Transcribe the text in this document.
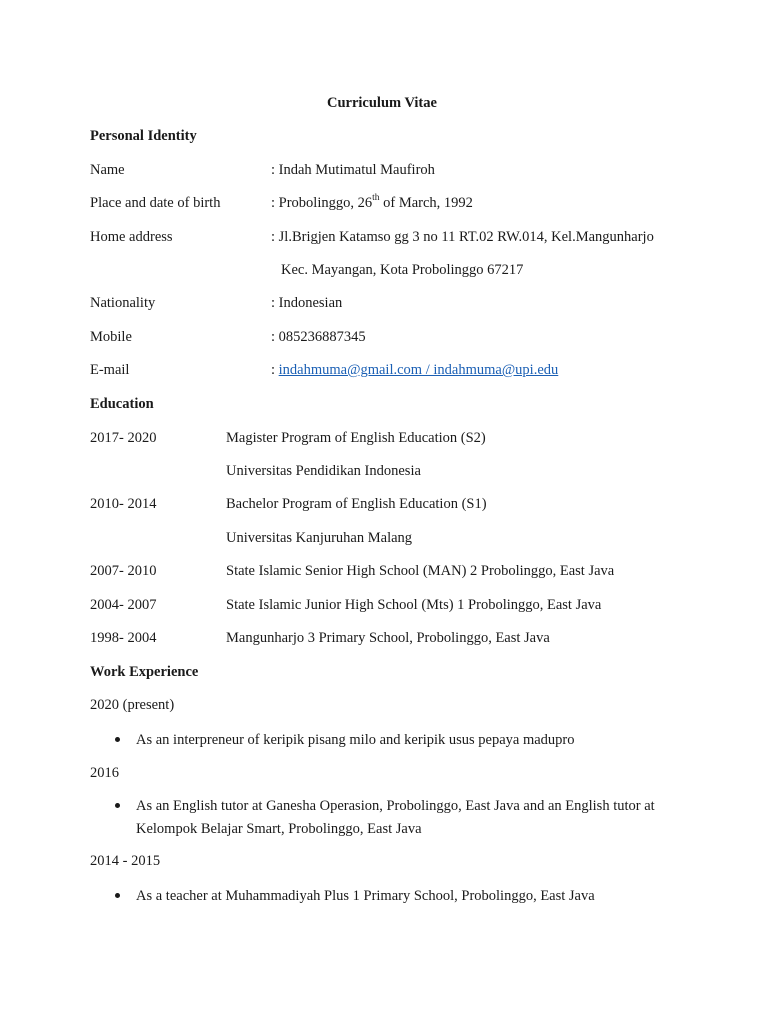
Curriculum Vitae
Personal Identity
Name	: Indah Mutimatul Maufiroh
Place and date of birth	: Probolinggo, 26th of March, 1992
Home address	: Jl.Brigjen Katamso gg 3 no 11 RT.02 RW.014, Kel.Mangunharjo
Kec. Mayangan, Kota Probolinggo 67217
Nationality	: Indonesian
Mobile	: 085236887345
E-mail	: indahmuma@gmail.com / indahmuma@upi.edu
Education
2017- 2020	Magister Program of English Education (S2)
Universitas Pendidikan Indonesia
2010- 2014	Bachelor Program of English Education (S1)
Universitas Kanjuruhan Malang
2007- 2010	State Islamic Senior High School (MAN) 2 Probolinggo, East Java
2004- 2007	State Islamic Junior High School (Mts) 1 Probolinggo, East Java
1998- 2004	Mangunharjo 3 Primary School, Probolinggo, East Java
Work Experience
2020 (present)
As an interpreneur of keripik pisang milo and keripik usus pepaya madupro
2016
As an English tutor at Ganesha Operasion, Probolinggo, East Java and an English tutor at
Kelompok Belajar Smart, Probolinggo, East Java
2014 - 2015
As a teacher at Muhammadiyah Plus 1 Primary School, Probolinggo, East Java
